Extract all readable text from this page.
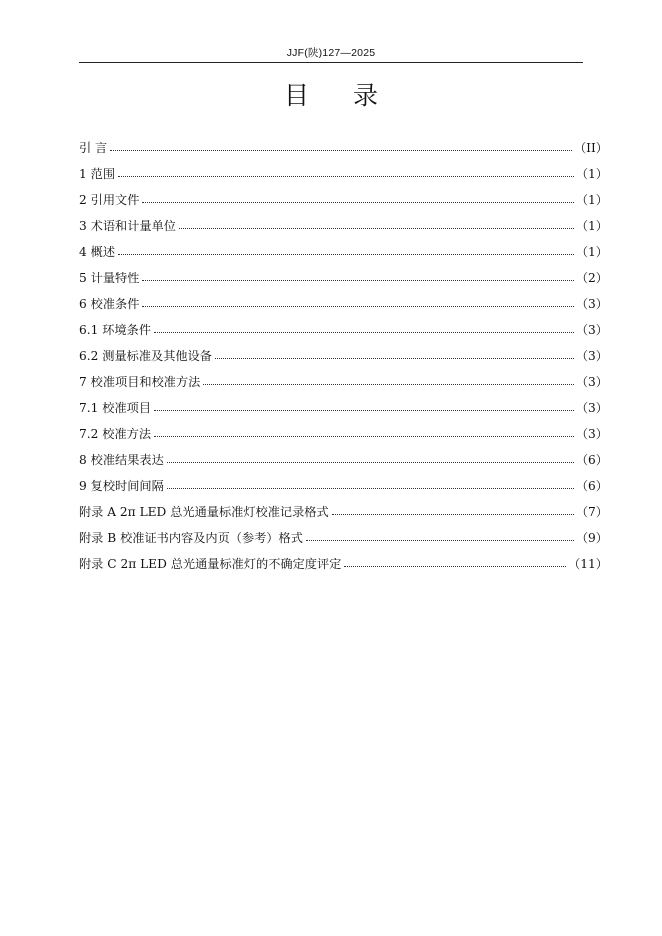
JJF(陕)127—2025
目录
引 言	（II）
1 范围	（1）
2 引用文件	（1）
3 术语和计量单位	（1）
4 概述	（1）
5 计量特性	（2）
6 校准条件	（3）
6.1 环境条件	（3）
6.2 测量标准及其他设备	（3）
7 校准项目和校准方法	（3）
7.1 校准项目	（3）
7.2 校准方法	（3）
8 校准结果表达	（6）
9 复校时间间隔	（6）
附录 A 2π LED 总光通量标准灯校准记录格式	（7）
附录 B 校准证书内容及内页（参考）格式	（9）
附录 C 2π LED 总光通量标准灯的不确定度评定	（11）
